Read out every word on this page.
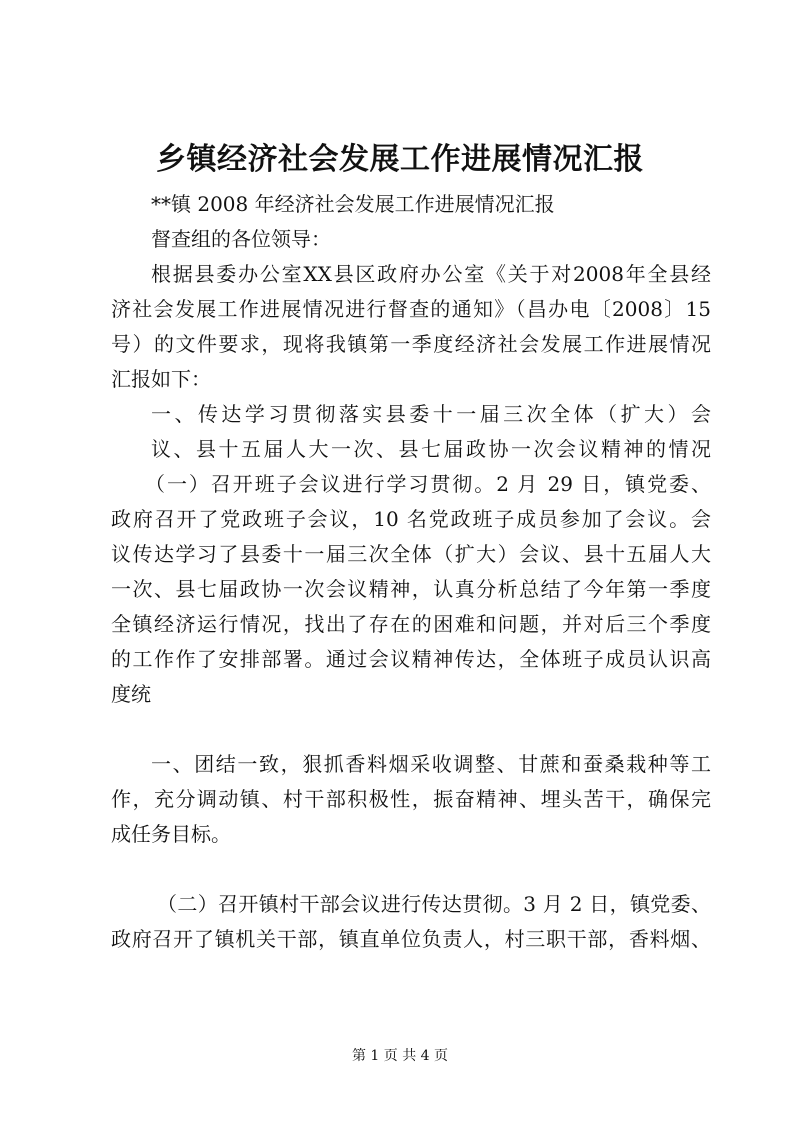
乡镇经济社会发展工作进展情况汇报
**镇 2008 年经济社会发展工作进展情况汇报
督查组的各位领导：
根据县委办公室XX县区政府办公室《关于对2008年全县经
济社会发展工作进展情况进行督查的通知》（昌办电〔2008〕15
号）的文件要求，现将我镇第一季度经济社会发展工作进展情况
汇报如下：
一、传达学习贯彻落实县委十一届三次全体（扩大）会
议、县十五届人大一次、县七届政协一次会议精神的情况
（一）召开班子会议进行学习贯彻。2 月 29 日，镇党委、
政府召开了党政班子会议，10 名党政班子成员参加了会议。会
议传达学习了县委十一届三次全体（扩大）会议、县十五届人大
一次、县七届政协一次会议精神，认真分析总结了今年第一季度
全镇经济运行情况，找出了存在的困难和问题，并对后三个季度
的工作作了安排部署。通过会议精神传达，全体班子成员认识高
度统
一、团结一致，狠抓香料烟采收调整、甘蔗和蚕桑栽种等工
作，充分调动镇、村干部积极性，振奋精神、埋头苦干，确保完
成任务目标。
（二）召开镇村干部会议进行传达贯彻。3 月 2 日，镇党委、
政府召开了镇机关干部，镇直单位负责人，村三职干部，香料烟、
第 1 页 共 4 页
